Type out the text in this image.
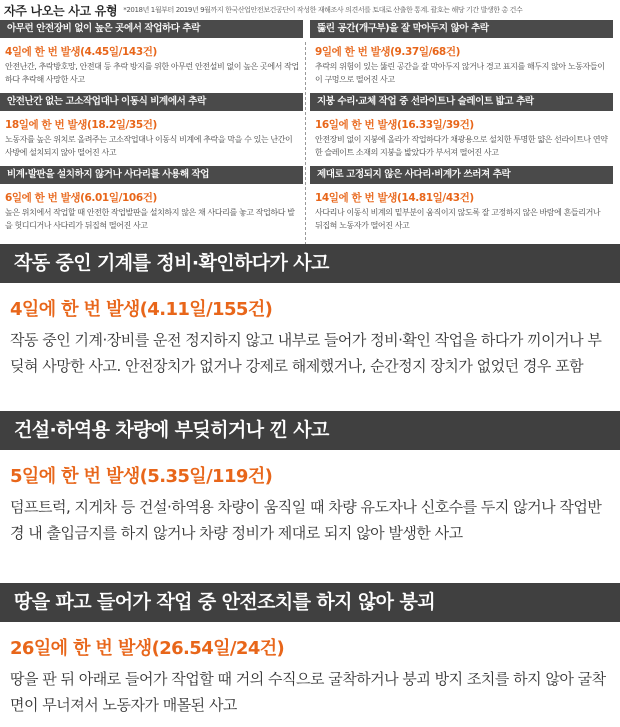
자주 나오는 사고 유형 *2018년 1월부터 2019년 9월까지 한국산업안전보건공단이 작성한 재해조사 의견서를 토대로 산출한 통계. 괄호는 해당 기간 발생한 총 건수
아무런 안전장비 없이 높은 곳에서 작업하다 추락
4일에 한 번 발생(4.45일/143건)
안전난간, 추락방호망, 안전대 등 추락 방지를 위한 아무런 안전설비 없이 높은 곳에서 작업하다 추락해 사망한 사고
안전난간 없는 고소작업대나 이동식 비계에서 추락
18일에 한 번 발생(18.2일/35건)
노동자를 높은 위치로 올려주는 고소작업대나 이동식 비계에 추락을 막을 수 있는 난간이 사방에 설치되지 않아 떨어진 사고
비계·발판을 설치하지 않거나 사다리를 사용해 작업
6일에 한 번 발생(6.01일/106건)
높은 위치에서 작업할 때 안전한 작업발판을 설치하지 않은 채 사다리를 놓고 작업하다 발을 헛디디거나 사다리가 뒤집혀 떨어진 사고
뚫린 공간(개구부)을 잘 막아두지 않아 추락
9일에 한 번 발생(9.37일/68건)
추락의 위험이 있는 뚫린 공간을 잘 막아두지 않거나 경고 표지를 해두지 않아 노동자들이 이 구멍으로 떨어진 사고
지붕 수리·교체 작업 중 선라이트나 슬레이트 밟고 추락
16일에 한 번 발생(16.33일/39건)
안전장비 없이 지붕에 올라가 작업하다가 채광용으로 설치한 투명한 얇은 선라이트나 연약한 슬레이트 소재의 지붕을 밟았다가 부서져 떨어진 사고
제대로 고정되지 않은 사다리·비계가 쓰러져 추락
14일에 한 번 발생(14.81일/43건)
사다리나 이동식 비계의 밑부분이 움직이지 않도록 잘 고정하지 않은 바람에 흔들리거나 뒤집혀 노동자가 떨어진 사고
작동 중인 기계를 정비·확인하다가 사고
4일에 한 번 발생(4.11일/155건)
작동 중인 기계·장비를 운전 정지하지 않고 내부로 들어가 정비·확인 작업을 하다가 끼이거나 부딪혀 사망한 사고. 안전장치가 없거나 강제로 해제했거나, 순간정지 장치가 없었던 경우 포함
건설·하역용 차량에 부딪히거나 낀 사고
5일에 한 번 발생(5.35일/119건)
덤프트럭, 지게차 등 건설·하역용 차량이 움직일 때 차량 유도자나 신호수를 두지 않거나 작업반경 내 출입금지를 하지 않거나 차량 정비가 제대로 되지 않아 발생한 사고
땅을 파고 들어가 작업 중 안전조치를 하지 않아 붕괴
26일에 한 번 발생(26.54일/24건)
땅을 판 뒤 아래로 들어가 작업할 때 거의 수직으로 굴착하거나 붕괴 방지 조치를 하지 않아 굴착면이 무너져서 노동자가 매몰된 사고
